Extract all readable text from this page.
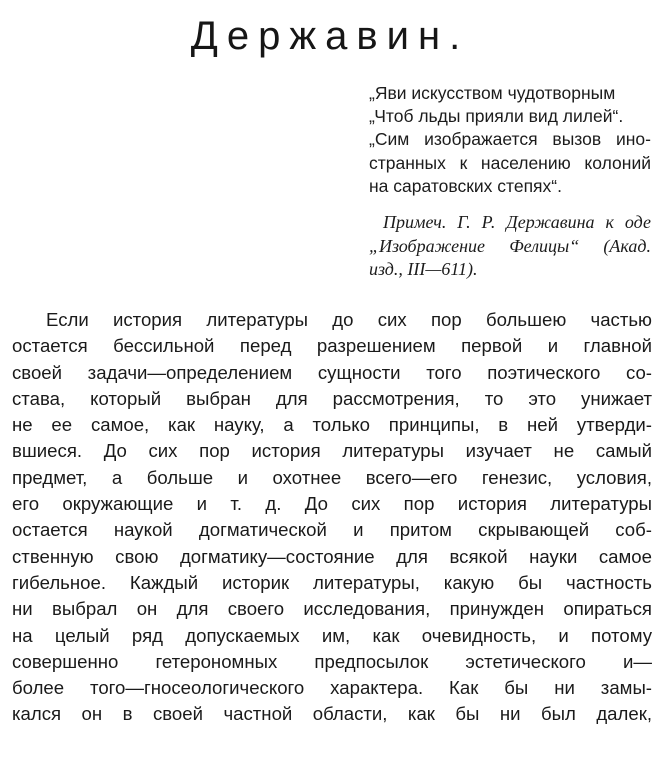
Державин.
„Яви искусством чудотворным
„Чтоб льды прияли вид лилей“.
„Сим изображается вызов ино-
странных к населению колоний
на саратовских степях“.
Примеч. Г. Р. Державина к оде
„Изображение Фелицы“ (Акад.
изд., III—611).
Если история литературы до сих пор большею частью
остается бессильной перед разрешением первой и главной
своей задачи—определением сущности того поэтического со-
става, который выбран для рассмотрения, то это унижает
не ее самое, как науку, а только принципы, в ней утверди-
вшиеся. До сих пор история литературы изучает не самый
предмет, а больше и охотнее всего—его генезис, условия,
его окружающие и т. д. До сих пор история литературы
остается наукой догматической и притом скрывающей соб-
ственную свою догматику—состояние для всякой науки самое
гибельное. Каждый историк литературы, какую бы частность
ни выбрал он для своего исследования, принужден опираться
на целый ряд допускаемых им, как очевидность, и потому
совершенно гетерономных предпосылок эстетического и—
более того—гносеологического характера. Как бы ни замы-
кался он в своей частной области, как бы ни был далек,
